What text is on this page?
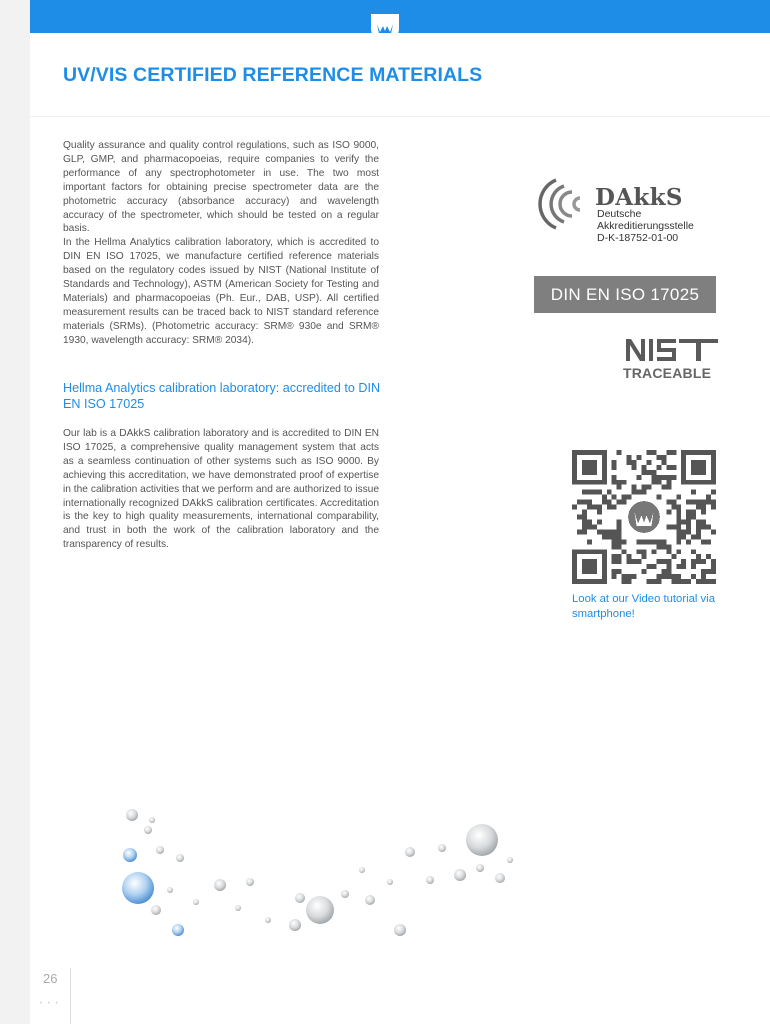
UV/VIS CERTIFIED REFERENCE MATERIALS

Quality assurance and quality control regulations, such as ISO 9000, GLP, GMP, and pharmacopoeias, require companies to verify the performance of any spectrophotometer in use. The two most important factors for obtaining precise spectrometer data are the photometric accuracy (absorbance accuracy) and wavelength accuracy of the spectrometer, which should be tested on a regular basis.

In the Hellma Analytics calibration laboratory, which is accredited to DIN EN ISO 17025, we manufacture certified reference materials based on the regulatory codes issued by NIST (National Institute of Standards and Technology), ASTM (American Society for Testing and Materials) and pharmacopoeias (Ph. Eur., DAB, USP). All certified measurement results can be traced back to NIST standard reference materials (SRMs). (Photometric accuracy: SRM® 930e and SRM® 1930, wavelength accuracy: SRM® 2034).

Hellma Analytics calibration laboratory: accredited to DIN EN ISO 17025

Our lab is a DAkkS calibration laboratory and is accredited to DIN EN ISO 17025, a comprehensive quality management system that acts as a seamless continuation of other systems such as ISO 9000. By achieving this accreditation, we have demonstrated proof of expertise in the calibration activities that we perform and are authorized to issue internationally recognized DAkkS calibration certificates. Accreditation is the key to high quality measurements, international comparability, and trust in both the work of the calibration laboratory and the transparency of results.

DAkkS
Deutsche
Akkreditierungsstelle
D-K-18752-01-00
DIN EN ISO 17025
TRACEABLE

Look at our Video tutorial via smartphone!

26
• • •
